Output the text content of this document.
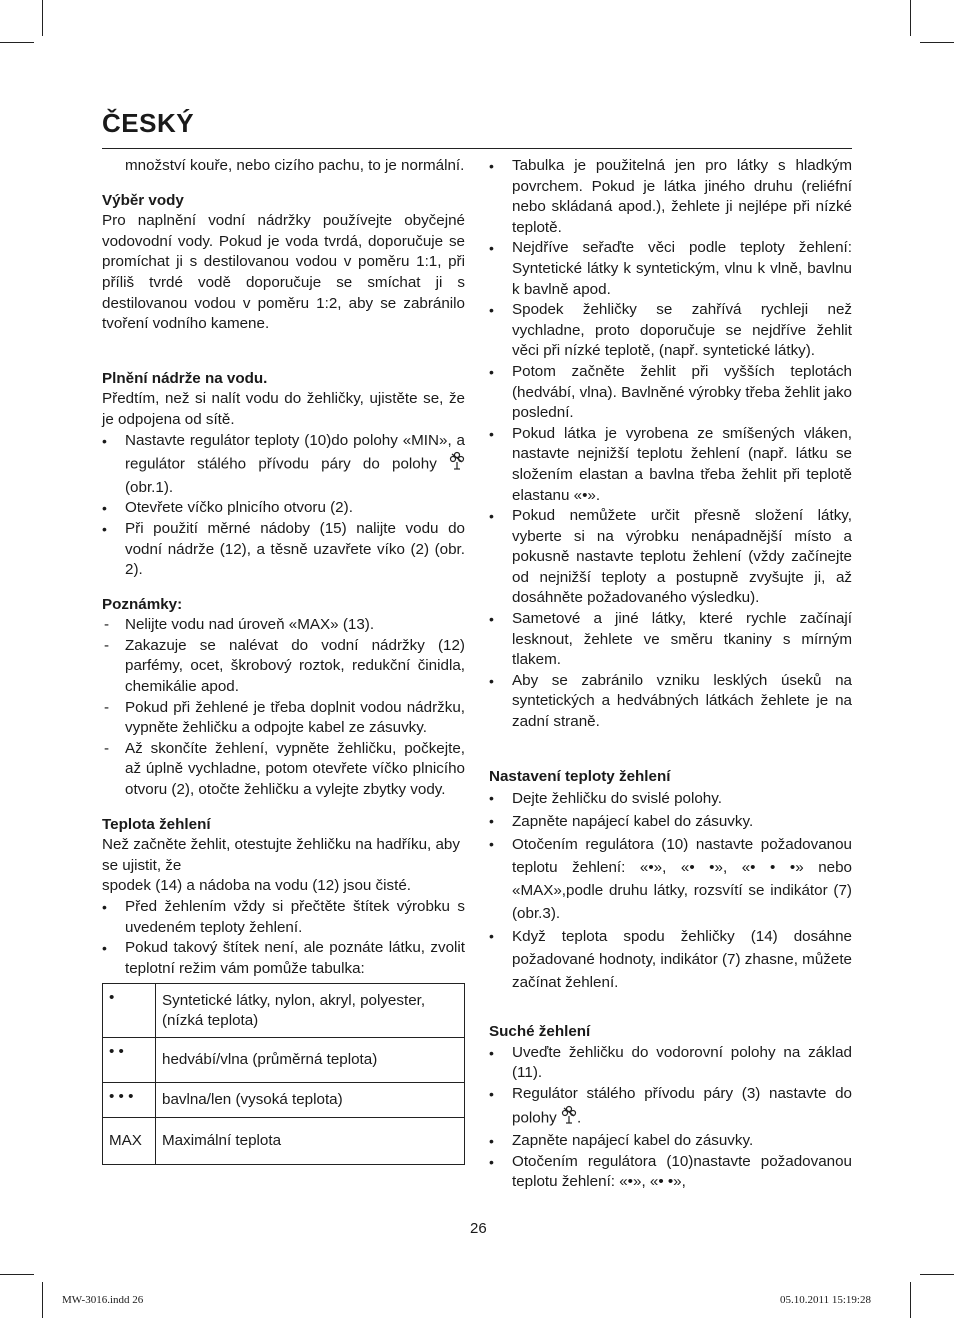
ČESKÝ

množství kouře, nebo cizího pachu, to je normální.

Výběr vody

Pro naplnění vodní nádržky používejte obyčejné vodovodní vody. Pokud je voda tvrdá, doporučuje se promíchat ji s destilovanou vodou v poměru 1:1, při příliš tvrdé vodě doporučuje se smíchat ji s destilovanou vodou v poměru 1:2, aby se zabránilo tvoření vodního kamene.

Plnění nádrže na vodu.

Předtím, než si nalít vodu do žehličky, ujistěte se, že je odpojena od sítě.

•
Nastavte regulátor teploty (10)do polohy «MIN», a regulátor stálého přívodu páry do polohy  (obr.1).
•
Otevřete víčko plnicího otvoru (2).
•
Při použití měrné nádoby (15) nalijte vodu do vodní nádrže (12), a těsně uzavřete víko (2) (obr. 2).

Poznámky:

-
Nelijte vodu nad úroveň «MAX» (13).
-
Zakazuje se nalévat do vodní nádržky (12) parfémy, ocet, škrobový roztok, redukční činidla, chemikálie apod.
-
Pokud při žehlené je třeba doplnit vodou nádržku, vypněte žehličku a odpojte kabel ze zásuvky.
-
Až skončíte žehlení, vypněte žehličku, počkejte, až úplně vychladne, potom otevřete víčko plnicího otvoru (2), otočte žehličku a vylejte zbytky vody.

Teplota žehlení

Než začněte žehlit, otestujte žehličku na hadříku, aby se ujistit, že

spodek (14) a nádoba na vodu (12) jsou čisté.

•
Před žehlením vždy si přečtěte štítek výrobku s uvedeném teploty žehlení.
•
Pokud takový štítek není, ale poznáte látku, zvolit teplotní režim vám pomůže tabulka:
•	Syntetické látky, nylon, akryl, polyester, (nízká teplota)
• •	hedvábí/vlna (průměrná teplota)
• • •	bavlna/len (vysoká teplota)
MAX	Maximální teplota
•
Tabulka je použitelná jen pro látky s hladkým povrchem. Pokud je látka jiného druhu (reliéfní nebo skládaná apod.), žehlete ji nejlépe při nízké teplotě.
•
Nejdříve seřaďte věci podle teploty žehlení: Syntetické látky k syntetickým, vlnu k vlně, bavlnu k bavlně apod.
•
Spodek žehličky se zahřívá rychleji než vychladne, proto doporučuje se nejdříve žehlit věci při nízké teplotě, (např. syntetické látky).
•
Potom začněte žehlit při vyšších teplotách (hedvábí, vlna). Bavlněné výrobky třeba žehlit jako poslední.
•
Pokud látka je vyrobena ze smíšených vláken, nastavte nejnižší teplotu žehlení (např. látku se složením elastan a bavlna třeba žehlit při teplotě elastanu «•».
•
Pokud nemůžete určit přesně složení látky, vyberte si na výrobku nenápadnější místo a pokusně nastavte teplotu žehlení (vždy začínejte od nejnižší teploty a postupně zvyšujte ji, až dosáhněte požadovaného výsledku).
•
Sametové a jiné látky, které rychle začínají lesknout, žehlete ve směru tkaniny s mírným tlakem.
•
Aby se zabránilo vzniku lesklých úseků na syntetických a hedvábných látkách žehlete je na zadní straně.

Nastavení teploty žehlení

•
Dejte žehličku do svislé polohy.
•
Zapněte napájecí kabel do zásuvky.
•
Otočením regulátora (10) nastavte požadovanou teplotu žehlení: «•», «• •», «• • •» nebo «MAX»,podle druhu látky, rozsvítí se indikátor (7) (obr.3).
•
Když teplota spodu žehličky (14) dosáhne požadované hodnoty, indikátor (7) zhasne, můžete začínat žehlení.

Suché žehlení

•
Uveďte žehličku do vodorovní polohy na základ (11).
•
Regulátor stálého přívodu páry (3) nastavte do polohy .
•
Zapněte napájecí kabel do zásuvky.
•
Otočením regulátora (10)nastavte požadovanou teplotu žehlení: «•», «• •»,
26
MW-3016.indd 26	05.10.2011 15:19:28
